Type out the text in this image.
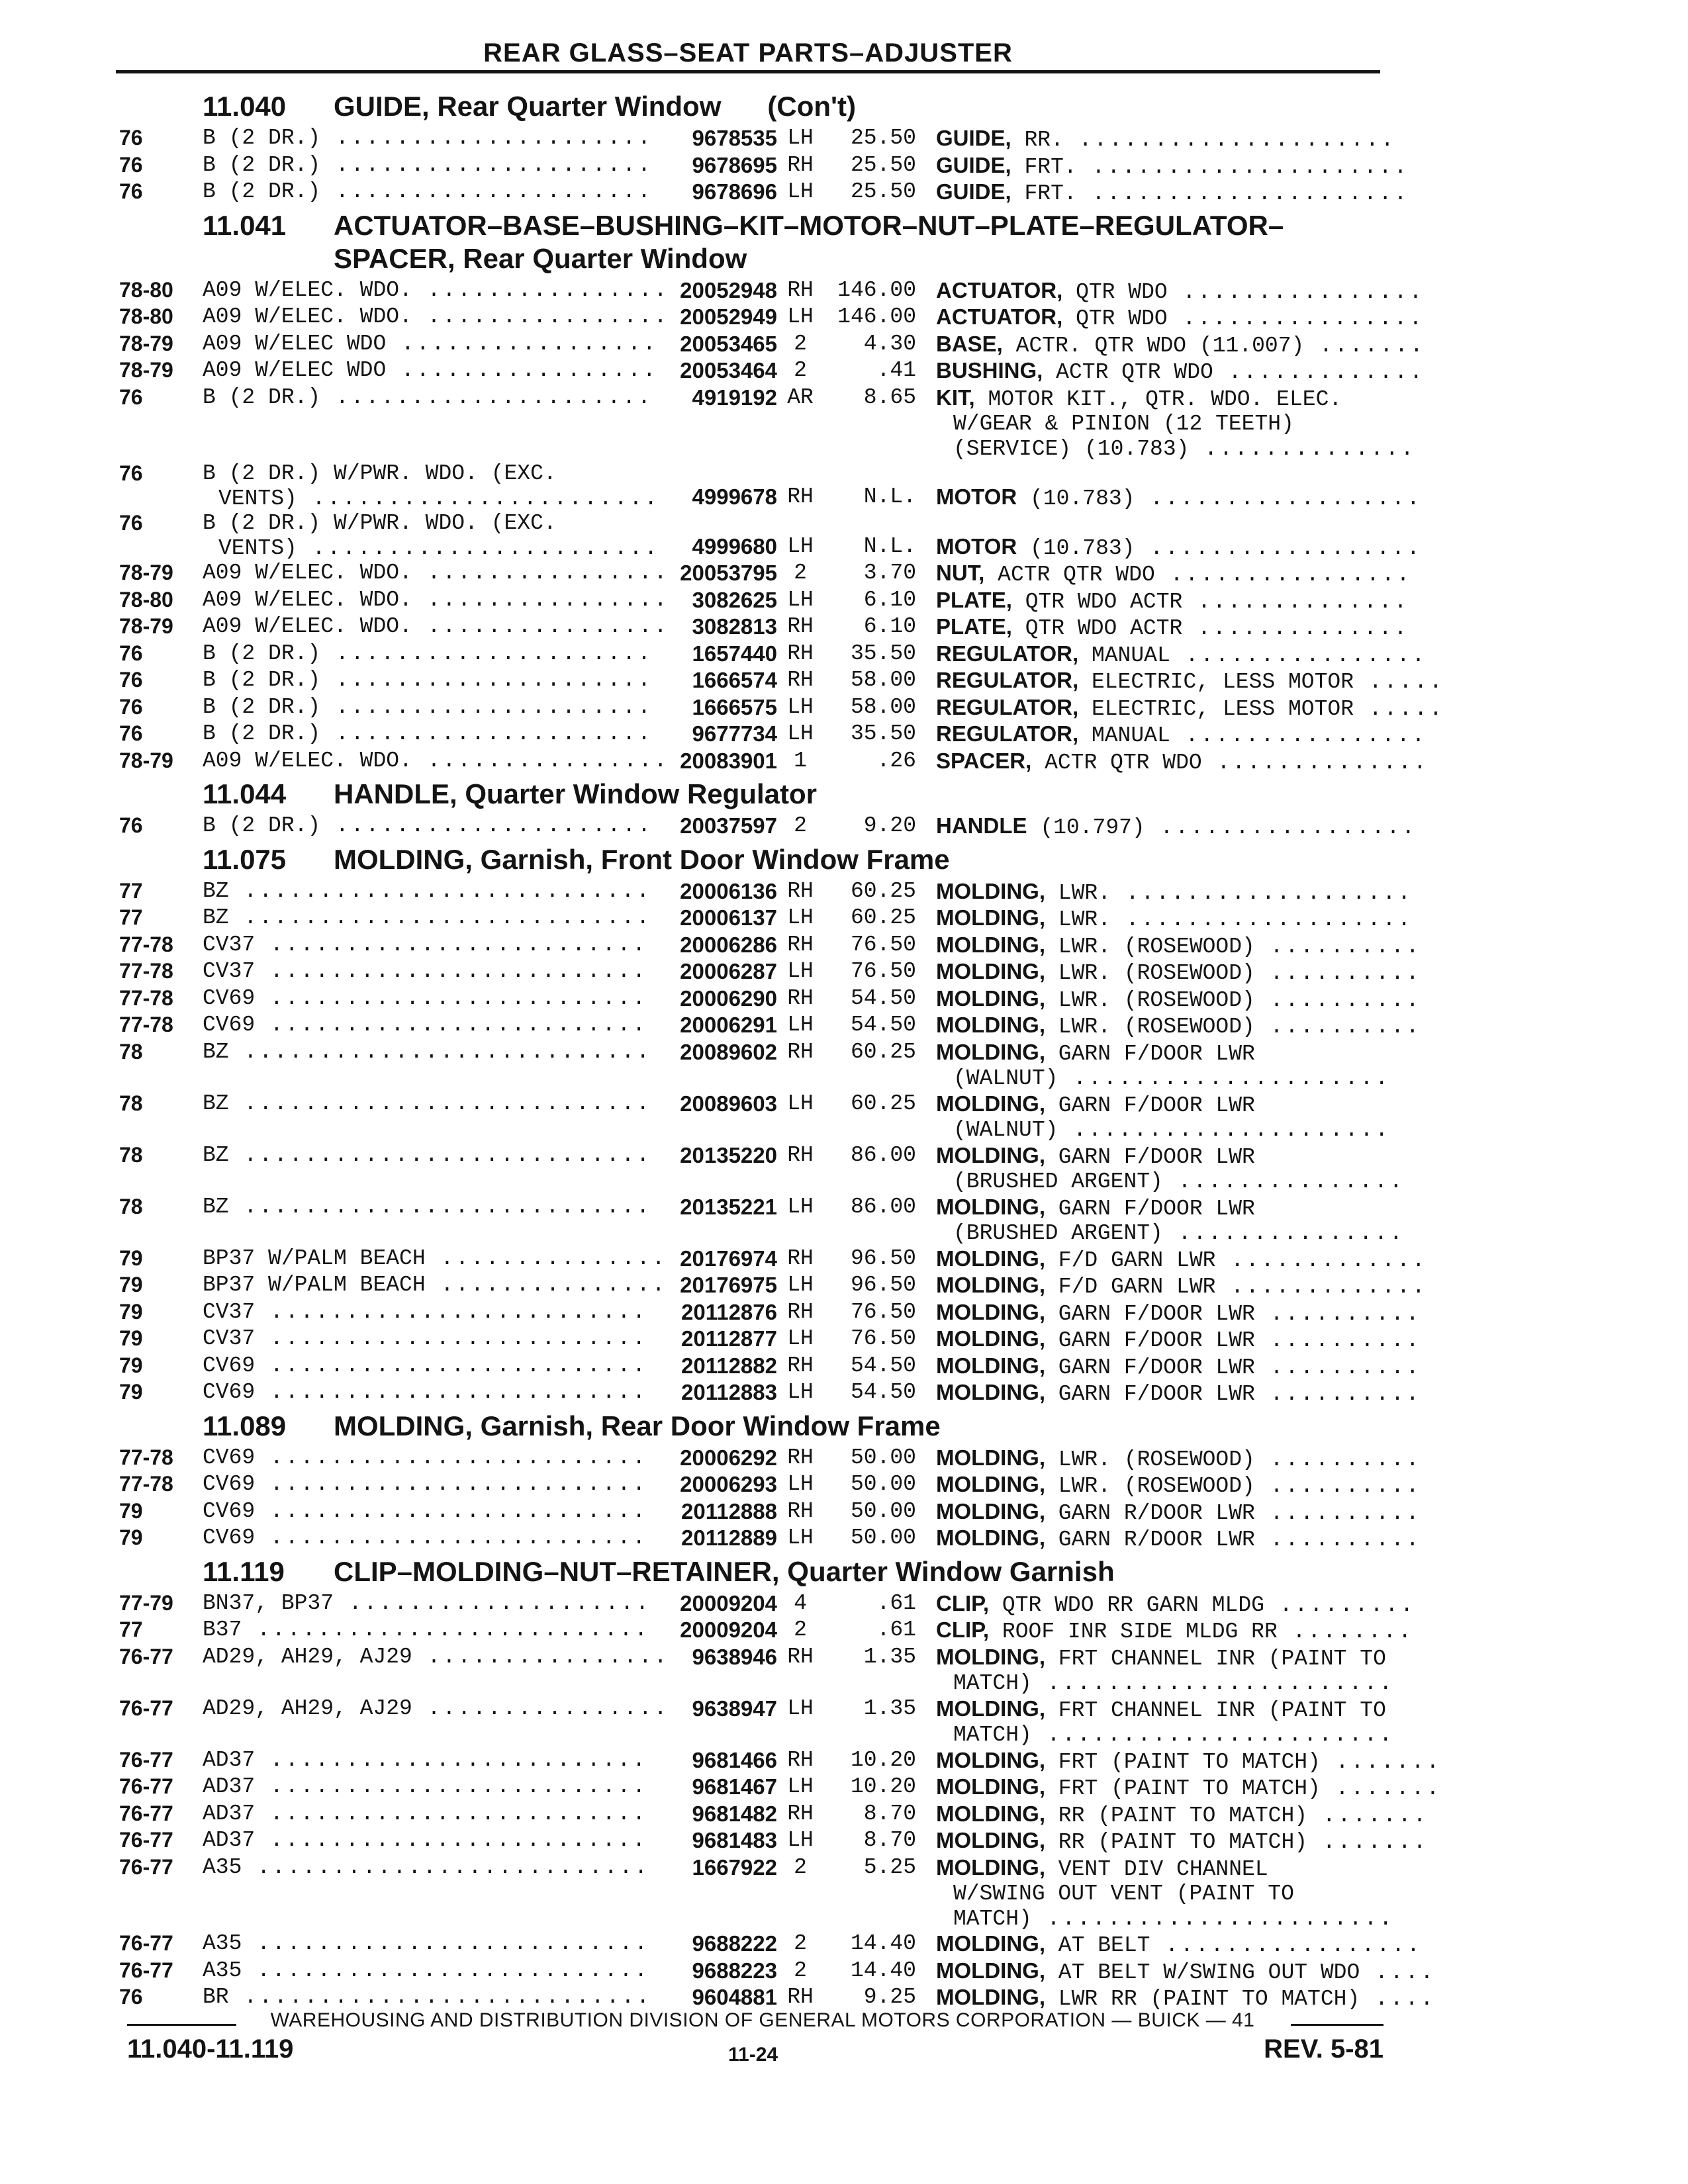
REAR GLASS–SEAT PARTS–ADJUSTER
11.040	GUIDE, Rear Quarter Window (Con't)
76	B (2 DR.) .....................	9678535 LH	25.50 GUIDE, RR. .....................
76	B (2 DR.) .....................	9678695 RH	25.50 GUIDE, FRT. .....................
76	B (2 DR.) .....................	9678696 LH	25.50 GUIDE, FRT. .....................
11.041	ACTUATOR–BASE–BUSHING–KIT–MOTOR–NUT–PLATE–REGULATOR–
SPACER, Rear Quarter Window
78-80	A09 W/ELEC. WDO. ................ 20052948 RH	146.00 ACTUATOR, QTR WDO ................
78-80	A09 W/ELEC. WDO. ................ 20052949 LH	146.00 ACTUATOR, QTR WDO ................
78-79	A09 W/ELEC WDO .................	20053465 2	4.30 BASE, ACTR. QTR WDO (11.007) .......
78-79	A09 W/ELEC WDO .................	20053464 2	.41 BUSHING, ACTR QTR WDO .............
76	B (2 DR.) .....................	4919192 AR	8.65 KIT, MOTOR KIT., QTR. WDO. ELEC.
W/GEAR & PINION (12 TEETH)
(SERVICE) (10.783) ..............
76	B (2 DR.) W/PWR. WDO. (EXC.
VENTS) .......................	4999678 RH	N.L. MOTOR (10.783) ..................
76	B (2 DR.) W/PWR. WDO. (EXC.
VENTS) .......................	4999680 LH	N.L. MOTOR (10.783) ..................
78-79	A09 W/ELEC. WDO. ................ 20053795 2	3.70 NUT, ACTR QTR WDO ................
78-80	A09 W/ELEC. WDO. ................	3082625 LH	6.10 PLATE, QTR WDO ACTR ..............
78-79	A09 W/ELEC. WDO. ................	3082813 RH	6.10 PLATE, QTR WDO ACTR ..............
76	B (2 DR.) .....................	1657440 RH	35.50 REGULATOR, MANUAL ................
76	B (2 DR.) .....................	1666574 RH	58.00 REGULATOR, ELECTRIC, LESS MOTOR .....
76	B (2 DR.) .....................	1666575 LH	58.00 REGULATOR, ELECTRIC, LESS MOTOR .....
76	B (2 DR.) .....................	9677734 LH	35.50 REGULATOR, MANUAL ................
78-79	A09 W/ELEC. WDO. ................ 20083901 1	.26 SPACER, ACTR QTR WDO ..............
11.044	HANDLE, Quarter Window Regulator
76	B (2 DR.) .....................	20037597 2	9.20 HANDLE (10.797) .................
11.075	MOLDING, Garnish, Front Door Window Frame
77	BZ ...........................	20006136 RH	60.25 MOLDING, LWR. ...................
77	BZ ...........................	20006137 LH	60.25 MOLDING, LWR. ...................
77-78	CV37 .........................	20006286 RH	76.50 MOLDING, LWR. (ROSEWOOD) ..........
77-78	CV37 .........................	20006287 LH	76.50 MOLDING, LWR. (ROSEWOOD) ..........
77-78	CV69 .........................	20006290 RH	54.50 MOLDING, LWR. (ROSEWOOD) ..........
77-78	CV69 .........................	20006291 LH	54.50 MOLDING, LWR. (ROSEWOOD) ..........
78	BZ ...........................	20089602 RH	60.25 MOLDING, GARN F/DOOR LWR
(WALNUT) .....................
78	BZ ...........................	20089603 LH	60.25 MOLDING, GARN F/DOOR LWR
(WALNUT) .....................
78	BZ ...........................	20135220 RH	86.00 MOLDING, GARN F/DOOR LWR
(BRUSHED ARGENT) ...............
78	BZ ...........................	20135221 LH	86.00 MOLDING, GARN F/DOOR LWR
(BRUSHED ARGENT) ...............
79	BP37 W/PALM BEACH ............... 20176974 RH	96.50 MOLDING, F/D GARN LWR .............
79	BP37 W/PALM BEACH ............... 20176975 LH	96.50 MOLDING, F/D GARN LWR .............
79	CV37 .........................	20112876 RH	76.50 MOLDING, GARN F/DOOR LWR ..........
79	CV37 .........................	20112877 LH	76.50 MOLDING, GARN F/DOOR LWR ..........
79	CV69 .........................	20112882 RH	54.50 MOLDING, GARN F/DOOR LWR ..........
79	CV69 .........................	20112883 LH	54.50 MOLDING, GARN F/DOOR LWR ..........
11.089	MOLDING, Garnish, Rear Door Window Frame
77-78	CV69 .........................	20006292 RH	50.00 MOLDING, LWR. (ROSEWOOD) ..........
77-78	CV69 .........................	20006293 LH	50.00 MOLDING, LWR. (ROSEWOOD) ..........
79	CV69 .........................	20112888 RH	50.00 MOLDING, GARN R/DOOR LWR ..........
79	CV69 .........................	20112889 LH	50.00 MOLDING, GARN R/DOOR LWR ..........
11.119	CLIP–MOLDING–NUT–RETAINER, Quarter Window Garnish
77-79	BN37, BP37 ....................	20009204 4	.61 CLIP, QTR WDO RR GARN MLDG .........
77	B37 ..........................	20009204 2	.61 CLIP, ROOF INR SIDE MLDG RR ........
76-77	AD29, AH29, AJ29 ................	9638946 RH	1.35 MOLDING, FRT CHANNEL INR (PAINT TO
MATCH) .......................
76-77	AD29, AH29, AJ29 ................	9638947 LH	1.35 MOLDING, FRT CHANNEL INR (PAINT TO
MATCH) .......................
76-77	AD37 .........................	9681466 RH	10.20 MOLDING, FRT (PAINT TO MATCH) .......
76-77	AD37 .........................	9681467 LH	10.20 MOLDING, FRT (PAINT TO MATCH) .......
76-77	AD37 .........................	9681482 RH	8.70 MOLDING, RR (PAINT TO MATCH) .......
76-77	AD37 .........................	9681483 LH	8.70 MOLDING, RR (PAINT TO MATCH) .......
76-77	A35 ..........................	1667922 2	5.25 MOLDING, VENT DIV CHANNEL
W/SWING OUT VENT (PAINT TO
MATCH) .......................
76-77	A35 ..........................	9688222 2	14.40 MOLDING, AT BELT .................
76-77	A35 ..........................	9688223 2	14.40 MOLDING, AT BELT W/SWING OUT WDO ....
76	BR ...........................	9604881 RH	9.25 MOLDING, LWR RR (PAINT TO MATCH) ....
WAREHOUSING AND DISTRIBUTION DIVISION OF GENERAL MOTORS CORPORATION — BUICK — 41
11.040-11.119	11-24	REV. 5-81
